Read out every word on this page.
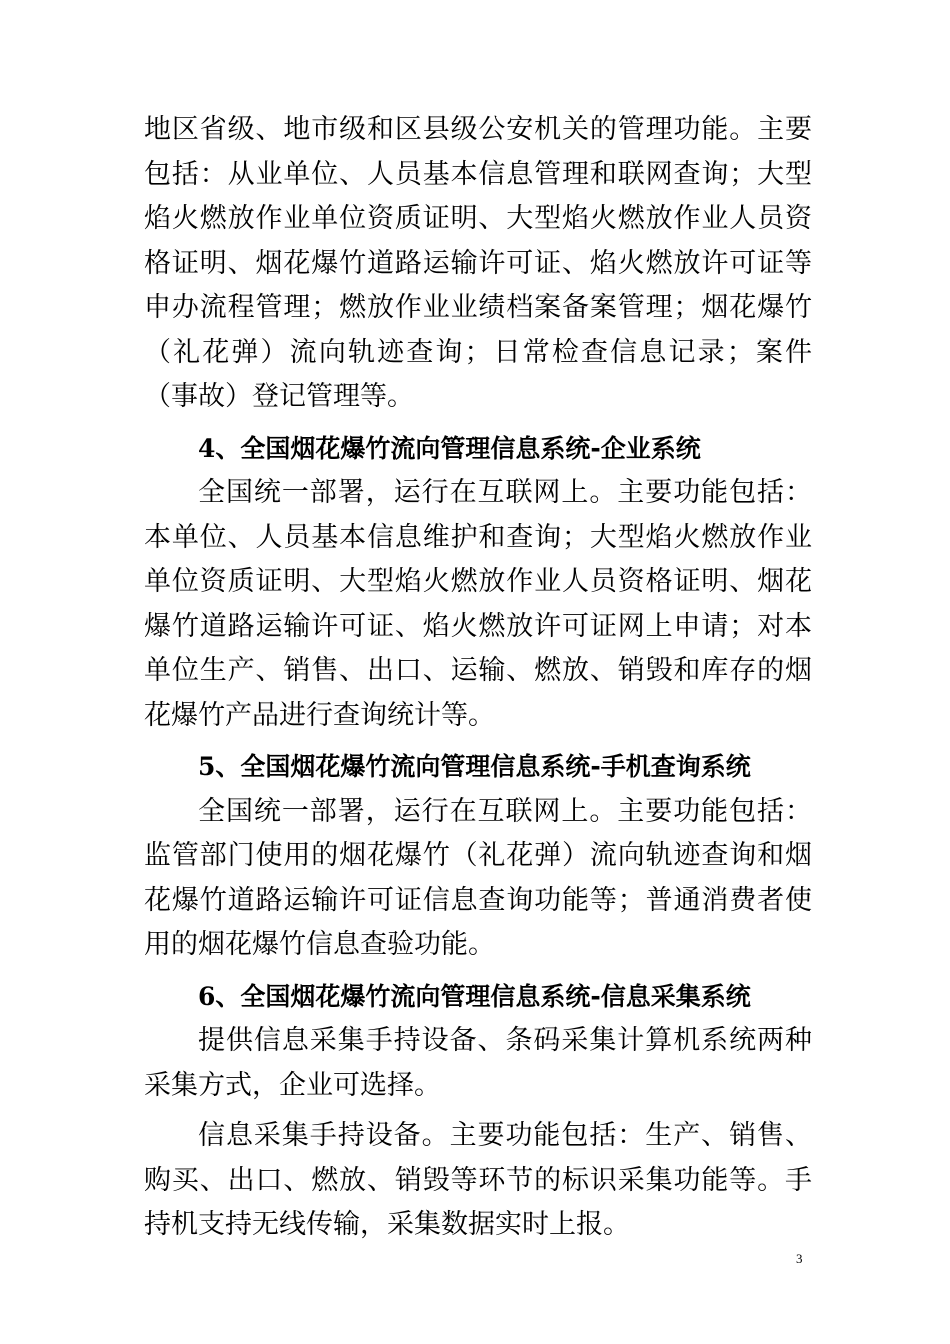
地区省级、地市级和区县级公安机关的管理功能。主要包括：从业单位、人员基本信息管理和联网查询；大型焰火燃放作业单位资质证明、大型焰火燃放作业人员资格证明、烟花爆竹道路运输许可证、焰火燃放许可证等申办流程管理；燃放作业业绩档案备案管理；烟花爆竹（礼花弹）流向轨迹查询；日常检查信息记录；案件（事故）登记管理等。

4、全国烟花爆竹流向管理信息系统-企业系统

全国统一部署，运行在互联网上。主要功能包括：本单位、人员基本信息维护和查询；大型焰火燃放作业单位资质证明、大型焰火燃放作业人员资格证明、烟花爆竹道路运输许可证、焰火燃放许可证网上申请；对本单位生产、销售、出口、运输、燃放、销毁和库存的烟花爆竹产品进行查询统计等。

5、全国烟花爆竹流向管理信息系统-手机查询系统

全国统一部署，运行在互联网上。主要功能包括：监管部门使用的烟花爆竹（礼花弹）流向轨迹查询和烟花爆竹道路运输许可证信息查询功能等；普通消费者使用的烟花爆竹信息查验功能。

6、全国烟花爆竹流向管理信息系统-信息采集系统

提供信息采集手持设备、条码采集计算机系统两种采集方式，企业可选择。

信息采集手持设备。主要功能包括：生产、销售、购买、出口、燃放、销毁等环节的标识采集功能等。手持机支持无线传输，采集数据实时上报。

3
